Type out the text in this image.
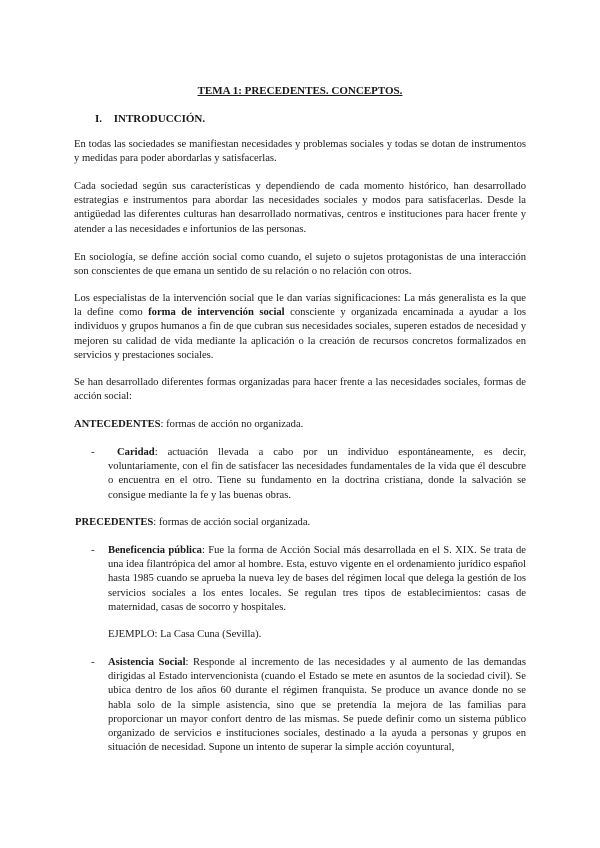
TEMA 1: PRECEDENTES. CONCEPTOS.
I. INTRODUCCIÓN.

En todas las sociedades se manifiestan necesidades y problemas sociales y todas se dotan de instrumentos y medidas para poder abordarlas y satisfacerlas.

Cada sociedad según sus características y dependiendo de cada momento histórico, han desarrollado estrategias e instrumentos para abordar las necesidades sociales y modos para satisfacerlas. Desde la antigüedad las diferentes culturas han desarrollado normativas, centros e instituciones para hacer frente y atender a las necesidades e infortunios de las personas.

En sociología, se define acción social como cuando, el sujeto o sujetos protagonistas de una interacción son conscientes de que emana un sentido de su relación o no relación con otros.

Los especialistas de la intervención social que le dan varias significaciones: La más generalista es la que la define como forma de intervención social consciente y organizada encaminada a ayudar a los individuos y grupos humanos a fin de que cubran sus necesidades sociales, superen estados de necesidad y mejoren su calidad de vida mediante la aplicación o la creación de recursos concretos formalizados en servicios y prestaciones sociales.

Se han desarrollado diferentes formas organizadas para hacer frente a las necesidades sociales, formas de acción social:

ANTECEDENTES: formas de acción no organizada.

-	Caridad: actuación llevada a cabo por un individuo espontáneamente, es decir, voluntariamente, con el fin de satisfacer las necesidades fundamentales de la vida que él descubre o encuentra en el otro. Tiene su fundamento en la doctrina cristiana, donde la salvación se consigue mediante la fe y las buenas obras.

PRECEDENTES: formas de acción social organizada.

- Beneficencia pública: Fue la forma de Acción Social más desarrollada en el S. XIX. Se trata de una idea filantrópica del amor al hombre. Esta, estuvo vigente en el ordenamiento jurídico español hasta 1985 cuando se aprueba la nueva ley de bases del régimen local que delega la gestión de los servicios sociales a los entes locales. Se regulan tres tipos de establecimientos: casas de maternidad, casas de socorro y hospitales.

EJEMPLO: La Casa Cuna (Sevilla).

- Asistencia Social: Responde al incremento de las necesidades y al aumento de las demandas dirigidas al Estado intervencionista (cuando el Estado se mete en asuntos de la sociedad civil). Se ubica dentro de los años 60 durante el régimen franquista. Se produce un avance donde no se habla solo de la simple asistencia, sino que se pretendía la mejora de las familias para proporcionar un mayor confort dentro de las mismas. Se puede definir como un sistema público organizado de servicios e instituciones sociales, destinado a la ayuda a personas y grupos en situación de necesidad. Supone un intento de superar la simple acción coyuntural,
